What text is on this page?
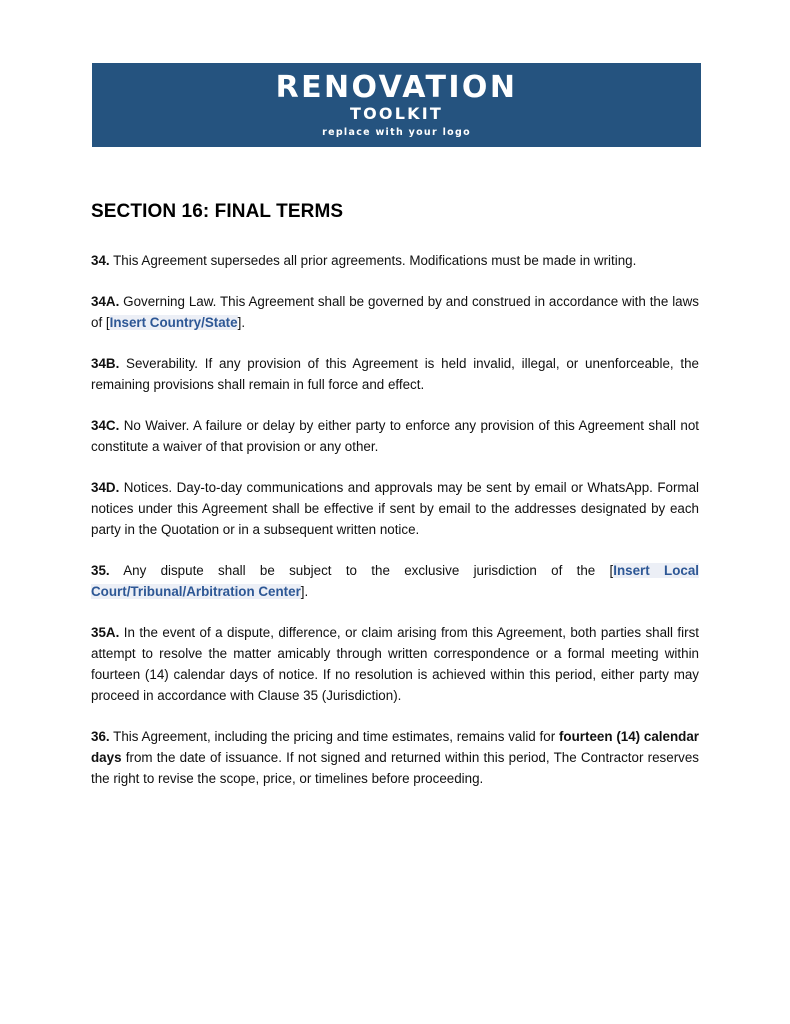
RENOVATION
TOOLKIT
replace with your logo
SECTION 16: FINAL TERMS

34. This Agreement supersedes all prior agreements. Modifications must be made in writing.

34A. Governing Law. This Agreement shall be governed by and construed in accordance with the laws of [Insert Country/State].

34B. Severability. If any provision of this Agreement is held invalid, illegal, or unenforceable, the remaining provisions shall remain in full force and effect.

34C. No Waiver. A failure or delay by either party to enforce any provision of this Agreement shall not constitute a waiver of that provision or any other.

34D. Notices. Day-to-day communications and approvals may be sent by email or WhatsApp. Formal notices under this Agreement shall be effective if sent by email to the addresses designated by each party in the Quotation or in a subsequent written notice.

35. Any dispute shall be subject to the exclusive jurisdiction of the [Insert Local Court/Tribunal/Arbitration Center].

35A. In the event of a dispute, difference, or claim arising from this Agreement, both parties shall first attempt to resolve the matter amicably through written correspondence or a formal meeting within fourteen (14) calendar days of notice. If no resolution is achieved within this period, either party may proceed in accordance with Clause 35 (Jurisdiction).

36. This Agreement, including the pricing and time estimates, remains valid for fourteen (14) calendar days from the date of issuance. If not signed and returned within this period, The Contractor reserves the right to revise the scope, price, or timelines before proceeding.
